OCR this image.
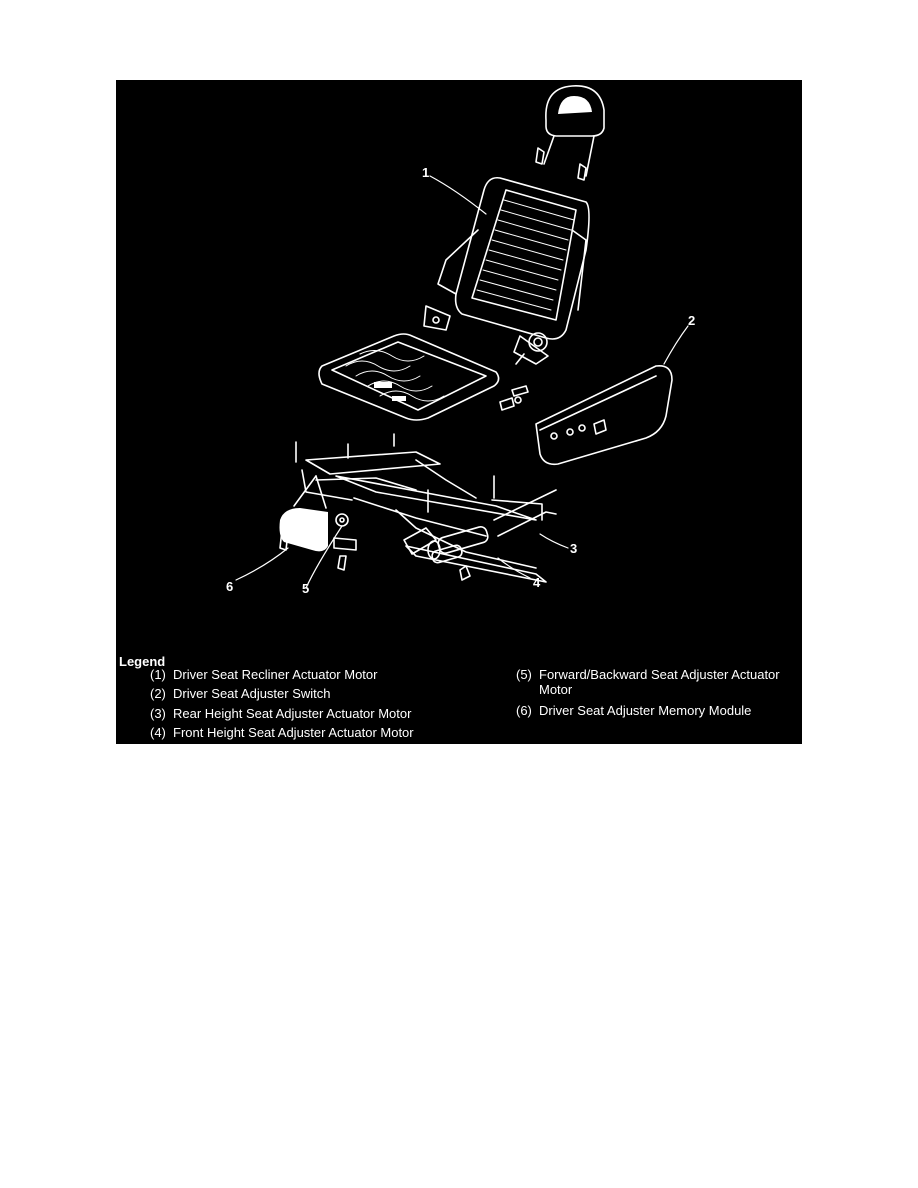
1
2
3
4
5
6
Legend
(1) Driver Seat Recliner Actuator Motor
(2) Driver Seat Adjuster Switch
(3) Rear Height Seat Adjuster Actuator Motor
(4) Front Height Seat Adjuster Actuator Motor
(5) Forward/Backward Seat Adjuster Actuator Motor
(6) Driver Seat Adjuster Memory Module
